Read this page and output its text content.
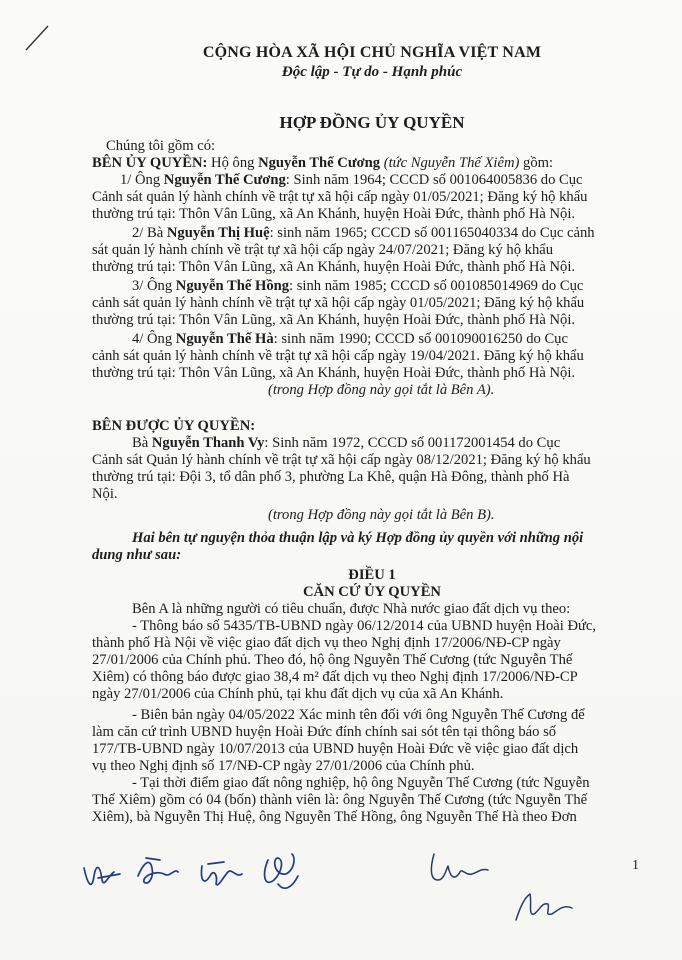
CỘNG HÒA XÃ HỘI CHỦ NGHĨA VIỆT NAM
Độc lập - Tự do - Hạnh phúc
HỢP ĐỒNG ỦY QUYỀN
Chúng tôi gồm có:
BÊN ỦY QUYỀN: Hộ ông Nguyễn Thế Cương (tức Nguyễn Thế Xiêm) gồm:
1/ Ông Nguyễn Thế Cương: Sinh năm 1964; CCCD số 001064005836 do Cục
Cảnh sát quản lý hành chính về trật tự xã hội cấp ngày 01/05/2021; Đăng ký hộ khẩu
thường trú tại: Thôn Vân Lũng, xã An Khánh, huyện Hoài Đức, thành phố Hà Nội.
2/ Bà Nguyễn Thị Huệ: sinh năm 1965; CCCD số 001165040334 do Cục cảnh
sát quản lý hành chính về trật tự xã hội cấp ngày 24/07/2021; Đăng ký hộ khẩu
thường trú tại: Thôn Vân Lũng, xã An Khánh, huyện Hoài Đức, thành phố Hà Nội.
3/ Ông Nguyễn Thế Hồng: sinh năm 1985; CCCD số 001085014969 do Cục
cảnh sát quản lý hành chính về trật tự xã hội cấp ngày 01/05/2021; Đăng ký hộ khẩu
thường trú tại: Thôn Vân Lũng, xã An Khánh, huyện Hoài Đức, thành phố Hà Nội.
4/ Ông Nguyễn Thế Hà: sinh năm 1990; CCCD số 001090016250 do Cục
cảnh sát quản lý hành chính về trật tự xã hội cấp ngày 19/04/2021. Đăng ký hộ khẩu
thường trú tại: Thôn Vân Lũng, xã An Khánh, huyện Hoài Đức, thành phố Hà Nội.
(trong Hợp đồng này gọi tắt là Bên A).
BÊN ĐƯỢC ỦY QUYỀN:
Bà Nguyễn Thanh Vy: Sinh năm 1972, CCCD số 001172001454 do Cục
Cảnh sát Quản lý hành chính về trật tự xã hội cấp ngày 08/12/2021; Đăng ký hộ khẩu
thường trú tại: Đội 3, tổ dân phố 3, phường La Khê, quận Hà Đông, thành phố Hà
Nội.
(trong Hợp đồng này gọi tắt là Bên B).
Hai bên tự nguyện thỏa thuận lập và ký Hợp đồng ủy quyền với những nội
dung như sau:
ĐIỀU 1
CĂN CỨ ỦY QUYỀN
Bên A là những người có tiêu chuẩn, được Nhà nước giao đất dịch vụ theo:
- Thông báo số 5435/TB-UBND ngày 06/12/2014 của UBND huyện Hoài Đức,
thành phố Hà Nội về việc giao đất dịch vụ theo Nghị định 17/2006/NĐ-CP ngày
27/01/2006 của Chính phủ. Theo đó, hộ ông Nguyễn Thế Cương (tức Nguyễn Thế
Xiêm) có thông báo được giao 38,4 m² đất dịch vụ theo Nghị định 17/2006/NĐ-CP
ngày 27/01/2006 của Chính phủ, tại khu đất dịch vụ của xã An Khánh.
- Biên bản ngày 04/05/2022 Xác minh tên đối với ông Nguyễn Thế Cương để
làm căn cứ trình UBND huyện Hoài Đức đính chính sai sót tên tại thông báo số
177/TB-UBND ngày 10/07/2013 của UBND huyện Hoài Đức về việc giao đất dịch
vụ theo Nghị định số 17/NĐ-CP ngày 27/01/2006 của Chính phủ.
- Tại thời điểm giao đất nông nghiệp, hộ ông Nguyễn Thế Cương (tức Nguyễn
Thế Xiêm) gồm có 04 (bốn) thành viên là: ông Nguyễn Thế Cương (tức Nguyễn Thế
Xiêm), bà Nguyễn Thị Huệ, ông Nguyễn Thế Hồng, ông Nguyễn Thế Hà theo Đơn
1
